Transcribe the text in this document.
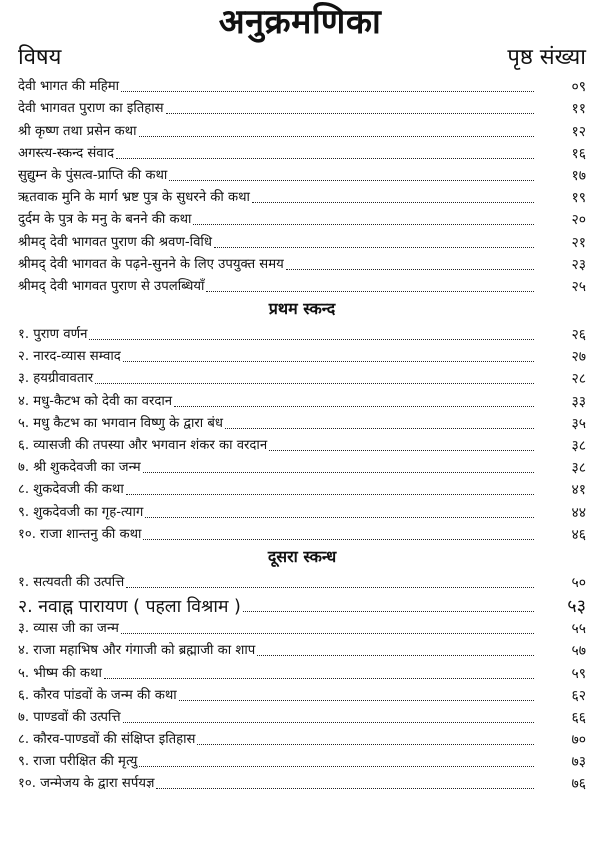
अनुक्रमणिका
विषय	पृष्ठ संख्या
देवी भागत की महिमा	०९
देवी भागवत पुराण का इतिहास	११
श्री कृष्ण तथा प्रसेन कथा	१२
अगस्त्य-स्कन्द संवाद	१६
सुद्युम्न के पुंसत्व-प्राप्ति की कथा	१७
ऋतवाक मुनि के मार्ग भ्रष्ट पुत्र के सुधरने की कथा	१९
दुर्दम के पुत्र के मनु के बनने की कथा	२०
श्रीमद् देवी भागवत पुराण की श्रवण-विधि	२१
श्रीमद् देवी भागवत के पढ़ने-सुनने के लिए उपयुक्त समय	२३
श्रीमद् देवी भागवत पुराण से उपलब्धियाँ	२५
प्रथम स्कन्द
१. पुराण वर्णन	२६
२. नारद-व्यास सम्वाद	२७
३. हयग्रीवावतार	२८
४. मधु-कैटभ को देवी का वरदान	३३
५. मधु कैटभ का भगवान विष्णु के द्वारा बंध	३५
६. व्यासजी की तपस्या और भगवान शंकर का वरदान	३८
७. श्री शुकदेवजी का जन्म	३८
८. शुकदेवजी की कथा	४१
९. शुकदेवजी का गृह-त्याग	४४
१०. राजा शान्तनु की कथा	४६
दूसरा स्कन्ध
१. सत्यवती की उत्पत्ति	५०
२. नवाह्न पारायण ( पहला विश्राम )	५३
३. व्यास जी का जन्म	५५
४. राजा महाभिष और गंगाजी को ब्रह्माजी का शाप	५७
५. भीष्म की कथा	५९
६. कौरव पांडवों के जन्म की कथा	६२
७. पाण्डवों की उत्पत्ति	६६
८. कौरव-पाण्डवों की संक्षिप्त इतिहास	७०
९. राजा परीक्षित की मृत्यु	७३
१०. जन्मेजय के द्वारा सर्पयज्ञ	७६
